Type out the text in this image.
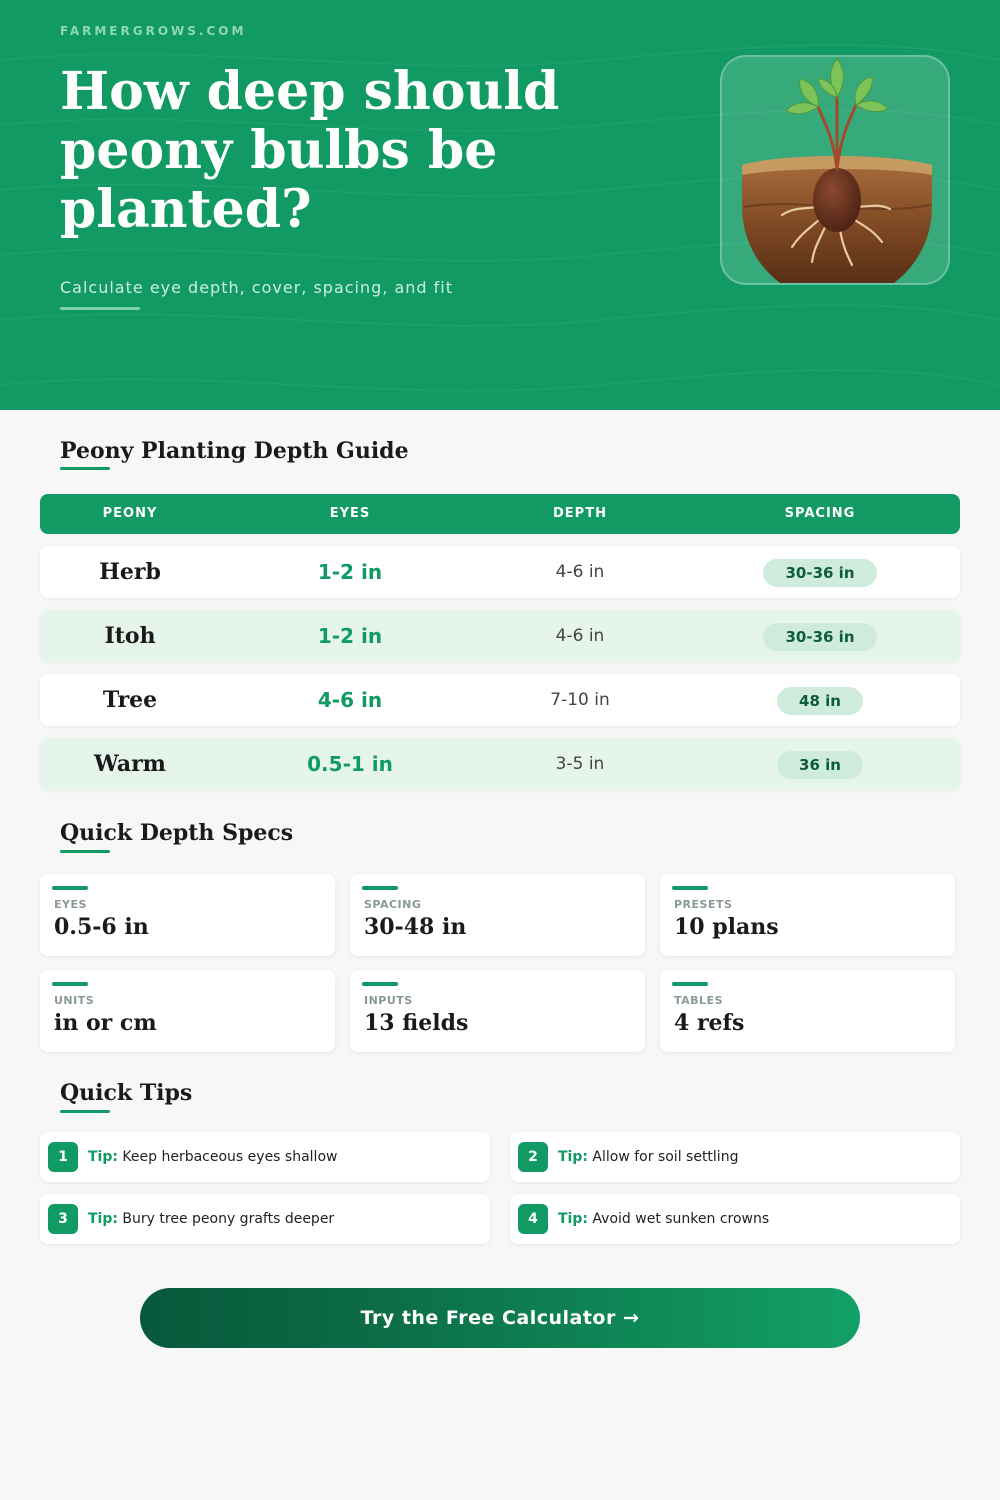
FARMERGROWS.COM
How deep should peony bulbs be planted?
Calculate eye depth, cover, spacing, and fit
Peony Planting Depth Guide
PEONY	EYES	DEPTH	SPACING
Herb	1-2 in	4-6 in	30-36 in
Itoh	1-2 in	4-6 in	30-36 in
Tree	4-6 in	7-10 in	48 in
Warm	0.5-1 in	3-5 in	36 in
Quick Depth Specs
EYES
0.5-6 in
SPACING
30-48 in
PRESETS
10 plans
UNITS
in or cm
INPUTS
13 fields
TABLES
4 refs
Quick Tips
1	Tip: Keep herbaceous eyes shallow	2	Tip: Allow for soil settling
3	Tip: Bury tree peony grafts deeper	4	Tip: Avoid wet sunken crowns
Try the Free Calculator →
